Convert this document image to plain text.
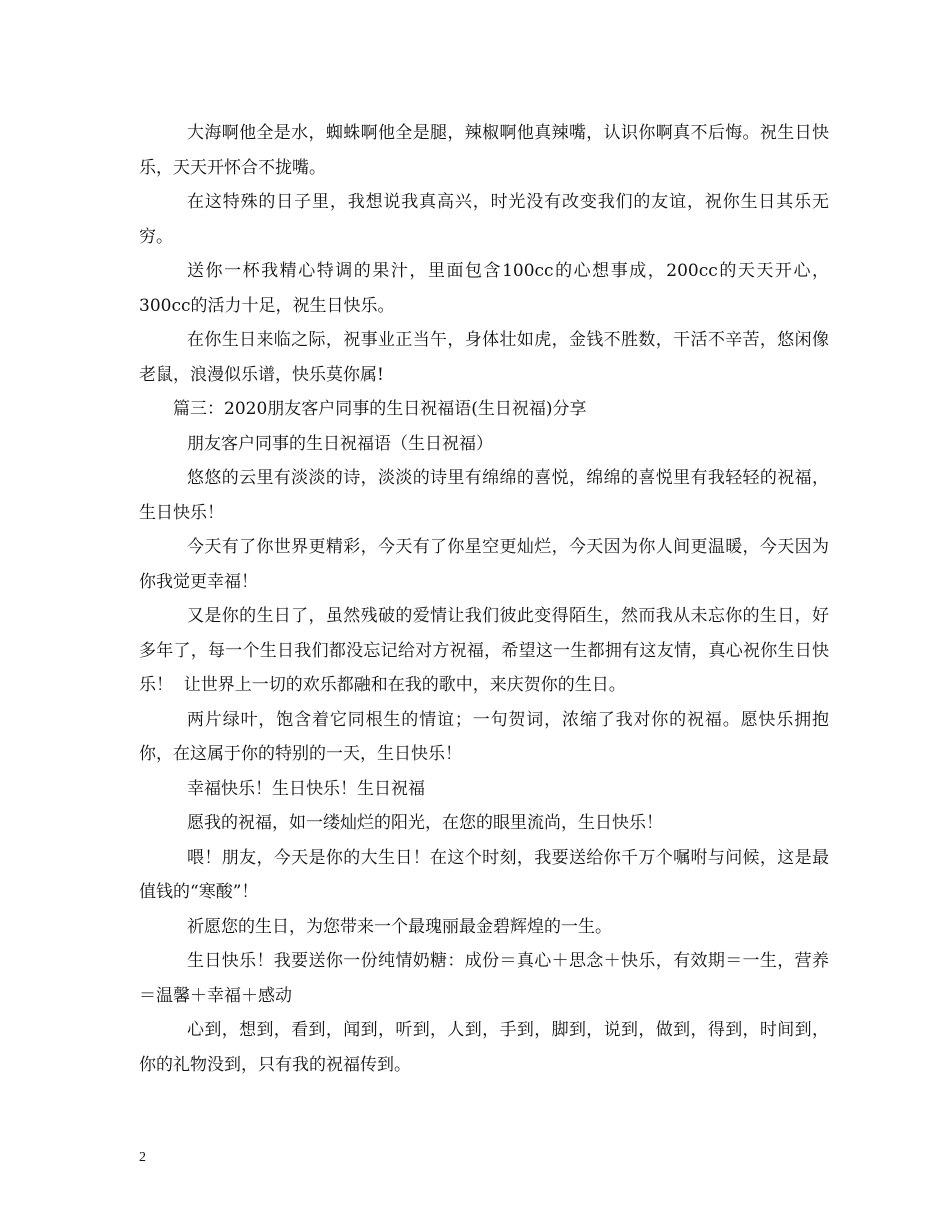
大海啊他全是水，蜘蛛啊他全是腿，辣椒啊他真辣嘴，认识你啊真不后悔。祝生日快乐，天天开怀合不拢嘴。

在这特殊的日子里，我想说我真高兴，时光没有改变我们的友谊，祝你生日其乐无穷。

送你一杯我精心特调的果汁，里面包含100cc的心想事成，200cc的天天开心，300cc的活力十足，祝生日快乐。

在你生日来临之际，祝事业正当午，身体壮如虎，金钱不胜数，干活不辛苦，悠闲像老鼠，浪漫似乐谱，快乐莫你属!

篇三：2020朋友客户同事的生日祝福语(生日祝福)分享

朋友客户同事的生日祝福语（生日祝福）

悠悠的云里有淡淡的诗，淡淡的诗里有绵绵的喜悦，绵绵的喜悦里有我轻轻的祝福，生日快乐！

今天有了你世界更精彩，今天有了你星空更灿烂，今天因为你人间更温暖，今天因为你我觉更幸福！

又是你的生日了，虽然残破的爱情让我们彼此变得陌生，然而我从未忘你的生日，好多年了，每一个生日我们都没忘记给对方祝福，希望这一生都拥有这友情，真心祝你生日快乐！  让世界上一切的欢乐都融和在我的歌中，来庆贺你的生日。

两片绿叶，饱含着它同根生的情谊；一句贺词，浓缩了我对你的祝福。愿快乐拥抱你，在这属于你的特别的一天，生日快乐！

幸福快乐！生日快乐！生日祝福

愿我的祝福，如一缕灿烂的阳光，在您的眼里流尚，生日快乐！

喂！朋友，今天是你的大生日！在这个时刻，我要送给你千万个嘱咐与问候，这是最值钱的“寒酸”！

祈愿您的生日，为您带来一个最瑰丽最金碧辉煌的一生。

生日快乐！我要送你一份纯情奶糖：成份＝真心＋思念＋快乐，有效期＝一生，营养＝温馨＋幸福＋感动

心到，想到，看到，闻到，听到，人到，手到，脚到，说到，做到，得到，时间到，你的礼物没到，只有我的祝福传到。

2
